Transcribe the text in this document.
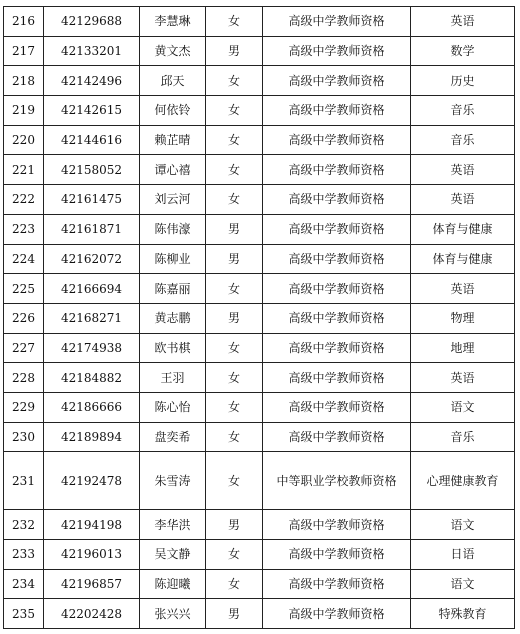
216	42129688	李慧琳	女	高级中学教师资格	英语
217	42133201	黄文杰	男	高级中学教师资格	数学
218	42142496	邱天	女	高级中学教师资格	历史
219	42142615	何依铃	女	高级中学教师资格	音乐
220	42144616	赖芷晴	女	高级中学教师资格	音乐
221	42158052	谭心禧	女	高级中学教师资格	英语
222	42161475	刘云河	女	高级中学教师资格	英语
223	42161871	陈伟濠	男	高级中学教师资格	体育与健康
224	42162072	陈柳业	男	高级中学教师资格	体育与健康
225	42166694	陈嘉丽	女	高级中学教师资格	英语
226	42168271	黄志鹏	男	高级中学教师资格	物理
227	42174938	欧书棋	女	高级中学教师资格	地理
228	42184882	王羽	女	高级中学教师资格	英语
229	42186666	陈心怡	女	高级中学教师资格	语文
230	42189894	盘奕希	女	高级中学教师资格	音乐
231	42192478	朱雪涛	女	中等职业学校教师资格	心理健康教育
232	42194198	李华洪	男	高级中学教师资格	语文
233	42196013	吴文静	女	高级中学教师资格	日语
234	42196857	陈迎曦	女	高级中学教师资格	语文
235	42202428	张兴兴	男	高级中学教师资格	特殊教育
